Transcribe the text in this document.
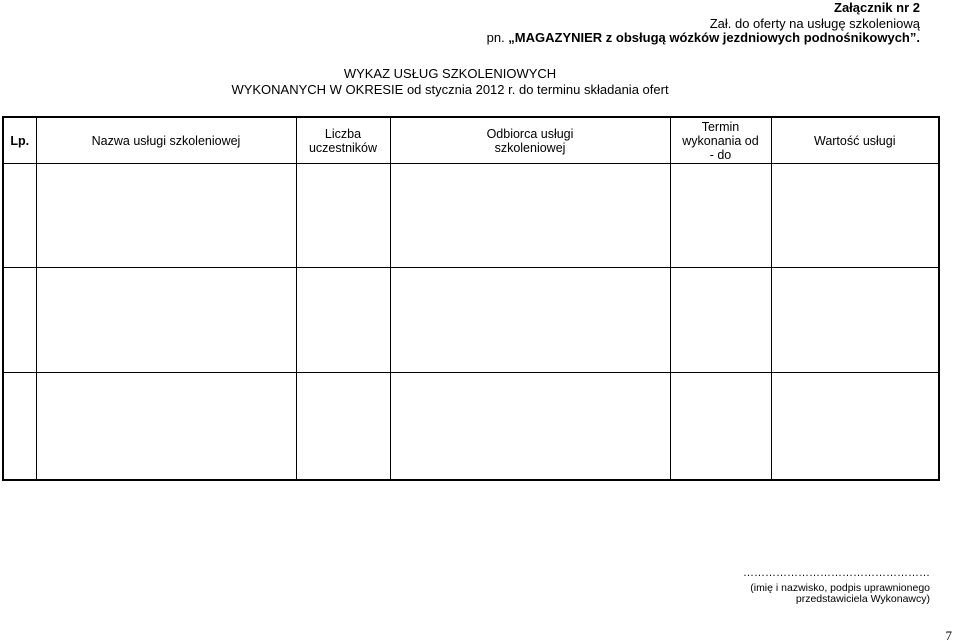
Załącznik nr 2
Zał. do oferty na usługę szkoleniową
pn. „MAGAZYNIER z obsługą wózków jezdniowych podnośnikowych”.
WYKAZ USŁUG SZKOLENIOWYCH
WYKONANYCH W OKRESIE od stycznia 2012 r. do terminu składania ofert
Lp.	Nazwa usługi szkoleniowej	Liczba uczestników	Odbiorca usługi szkoleniowej	Termin wykonania od - do	Wartość usługi

……………………………………………
(imię i nazwisko, podpis uprawnionego
przedstawiciela Wykonawcy)
7
